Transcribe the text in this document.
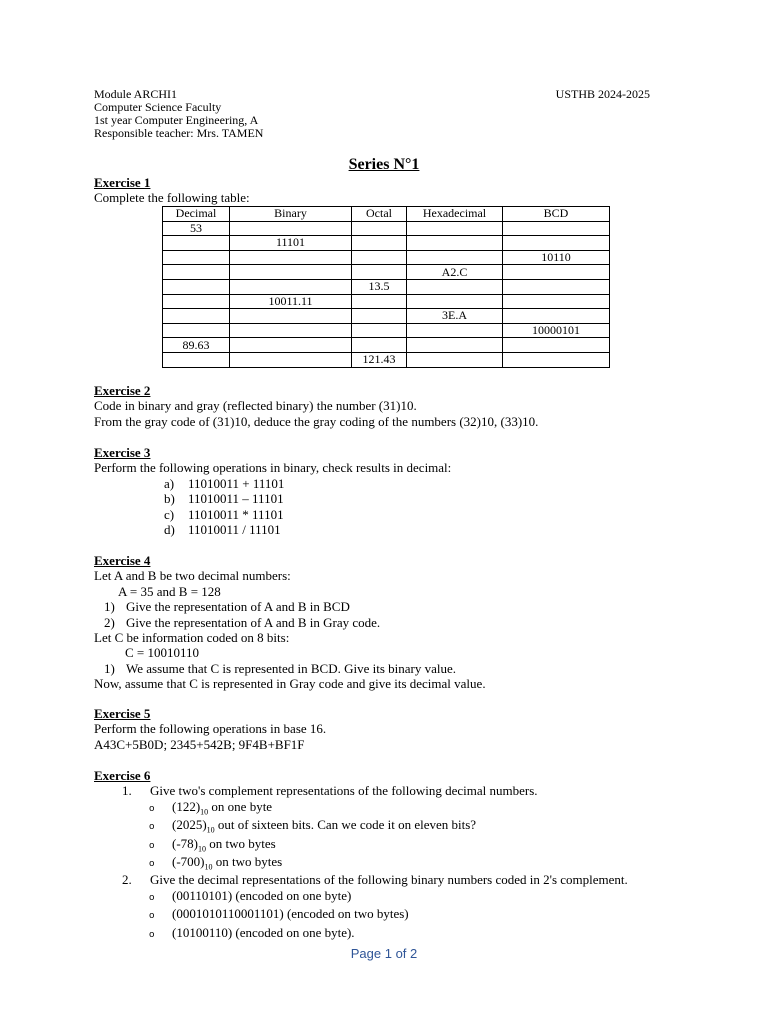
Module ARCHI1
Computer Science Faculty
1st year Computer Engineering, A
Responsible teacher: Mrs. TAMEN
USTHB 2024-2025
Series N°1
Exercise 1
Complete the following table:
Decimal	Binary	Octal	Hexadecimal	BCD
53				
	11101			
				10110
			A2.C	
		13.5		
	10011.11			
			3E.A	
				10000101
89.63				
		121.43		
Exercise 2
Code in binary and gray (reflected binary) the number (31)10.
From the gray code of (31)10, deduce the gray coding of the numbers (32)10, (33)10.
Exercise 3
Perform the following operations in binary, check results in decimal:
a) 11010011 + 11101
b) 11010011 – 11101
c) 11010011 * 11101
d) 11010011 / 11101
Exercise 4
Let A and B be two decimal numbers:
A = 35 and B = 128
1) Give the representation of A and B in BCD
2) Give the representation of A and B in Gray code.
Let C be information coded on 8 bits:
C = 10010110
1) We assume that C is represented in BCD. Give its binary value.
Now, assume that C is represented in Gray code and give its decimal value.
Exercise 5
Perform the following operations in base 16.
A43C+5B0D; 2345+542B; 9F4B+BF1F
Exercise 6
1. Give two's complement representations of the following decimal numbers.
o $(122)_{10}$ on one byte
o $(2025)_{10}$ out of sixteen bits. Can we code it on eleven bits?
o $(-78)_{10}$ on two bytes
o $(-700)_{10}$ on two bytes
2. Give the decimal representations of the following binary numbers coded in 2's complement.
o (00110101) (encoded on one byte)
o (0001010110001101) (encoded on two bytes)
o (10100110) (encoded on one byte).
Page 1 of 2
